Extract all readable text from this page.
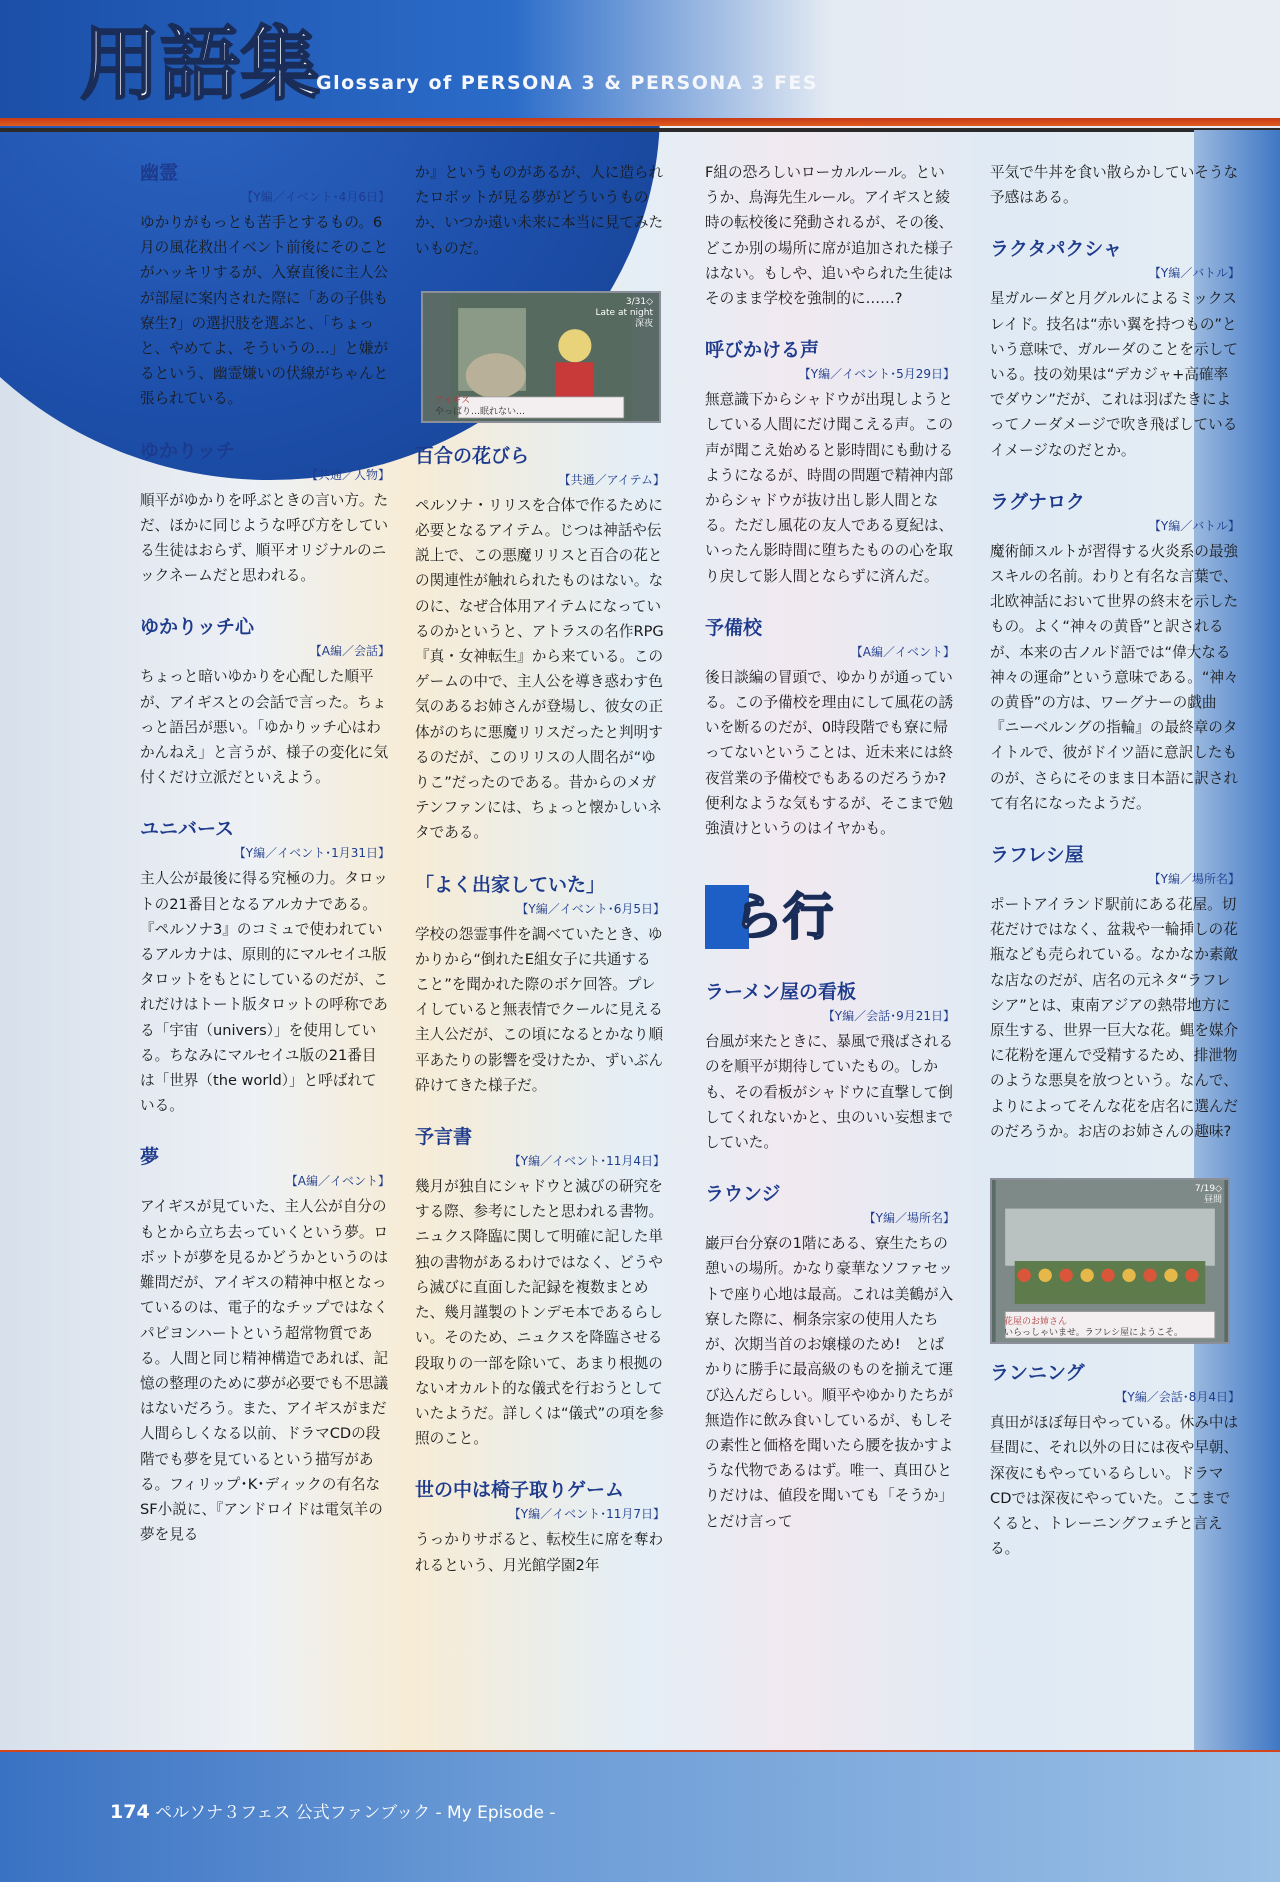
用語集
Glossary of PERSONA 3 & PERSONA 3 FES
幽霊
【Y編／イベント･4月6日】
ゆかりがもっとも苦手とするもの。6月の風花救出イベント前後にそのことがハッキリするが、入寮直後に主人公が部屋に案内された際に「あの子供も寮生?」の選択肢を選ぶと、「ちょっと、やめてよ、そういうの…」と嫌がるという、幽霊嫌いの伏線がちゃんと張られている。
ゆかりッチ
【共通／人物】
順平がゆかりを呼ぶときの言い方。ただ、ほかに同じような呼び方をしている生徒はおらず、順平オリジナルのニックネームだと思われる。
ゆかりッチ心
【A編／会話】
ちょっと暗いゆかりを心配した順平が、アイギスとの会話で言った。ちょっと語呂が悪い。「ゆかりッチ心はわかんねえ」と言うが、様子の変化に気付くだけ立派だといえよう。
ユニバース
【Y編／イベント･1月31日】
主人公が最後に得る究極の力。タロットの21番目となるアルカナである。『ペルソナ3』のコミュで使われているアルカナは、原則的にマルセイユ版タロットをもとにしているのだが、これだけはトート版タロットの呼称である「宇宙（univers）」を使用している。ちなみにマルセイユ版の21番目は「世界（the world）」と呼ばれている。
夢
【A編／イベント】
アイギスが見ていた、主人公が自分のもとから立ち去っていくという夢。ロボットが夢を見るかどうかというのは難問だが、アイギスの精神中枢となっているのは、電子的なチップではなくパピヨンハートという超常物質である。人間と同じ精神構造であれば、記憶の整理のために夢が必要でも不思議はないだろう。また、アイギスがまだ人間らしくなる以前、ドラマCDの段階でも夢を見ているという描写がある。フィリップ･K･ディックの有名なSF小説に、『アンドロイドは電気羊の夢を見る
か』というものがあるが、人に造られたロボットが見る夢がどういうものか、いつか遠い未来に本当に見てみたいものだ。
3/31◇
Late at night
深夜
アイギス
やっぱり…眠れない…
百合の花びら
【共通／アイテム】
ペルソナ・リリスを合体で作るために必要となるアイテム。じつは神話や伝説上で、この悪魔リリスと百合の花との関連性が触れられたものはない。なのに、なぜ合体用アイテムになっているのかというと、アトラスの名作RPG『真・女神転生』から来ている。このゲームの中で、主人公を導き惑わす色気のあるお姉さんが登場し、彼女の正体がのちに悪魔リリスだったと判明するのだが、このリリスの人間名が“ゆりこ”だったのである。昔からのメガテンファンには、ちょっと懐かしいネタである。
「よく出家していた」
【Y編／イベント･6月5日】
学校の怨霊事件を調べていたとき、ゆかりから“倒れたE組女子に共通すること”を聞かれた際のボケ回答。プレイしていると無表情でクールに見える主人公だが、この頃になるとかなり順平あたりの影響を受けたか、ずいぶん砕けてきた様子だ。
予言書
【Y編／イベント･11月4日】
幾月が独自にシャドウと滅びの研究をする際、参考にしたと思われる書物。ニュクス降臨に関して明確に記した単独の書物があるわけではなく、どうやら滅びに直面した記録を複数まとめた、幾月謹製のトンデモ本であるらしい。そのため、ニュクスを降臨させる段取りの一部を除いて、あまり根拠のないオカルト的な儀式を行おうとしていたようだ。詳しくは“儀式”の項を参照のこと。
世の中は椅子取りゲーム
【Y編／イベント･11月7日】
うっかりサボると、転校生に席を奪われるという、月光館学園2年
F組の恐ろしいローカルルール。というか、鳥海先生ルール。アイギスと綾時の転校後に発動されるが、その後、どこか別の場所に席が追加された様子はない。もしや、追いやられた生徒はそのまま学校を強制的に……?
呼びかける声
【Y編／イベント･5月29日】
無意識下からシャドウが出現しようとしている人間にだけ聞こえる声。この声が聞こえ始めると影時間にも動けるようになるが、時間の問題で精神内部からシャドウが抜け出し影人間となる。ただし風花の友人である夏紀は、いったん影時間に堕ちたものの心を取り戻して影人間とならずに済んだ。
予備校
【A編／イベント】
後日談編の冒頭で、ゆかりが通っている。この予備校を理由にして風花の誘いを断るのだが、0時段階でも寮に帰ってないということは、近未来には終夜営業の予備校でもあるのだろうか?　便利なような気もするが、そこまで勉強漬けというのはイヤかも。
ら行
ラーメン屋の看板
【Y編／会話･9月21日】
台風が来たときに、暴風で飛ばされるのを順平が期待していたもの。しかも、その看板がシャドウに直撃して倒してくれないかと、虫のいい妄想までしていた。
ラウンジ
【Y編／場所名】
巌戸台分寮の1階にある、寮生たちの憩いの場所。かなり豪華なソファセットで座り心地は最高。これは美鶴が入寮した際に、桐条宗家の使用人たちが、次期当首のお嬢様のため!　とばかりに勝手に最高級のものを揃えて運び込んだらしい。順平やゆかりたちが無造作に飲み食いしているが、もしその素性と価格を聞いたら腰を抜かすような代物であるはず。唯一、真田ひとりだけは、値段を聞いても「そうか」とだけ言って
平気で牛丼を食い散らかしていそうな予感はある。
ラクタパクシャ
【Y編／バトル】
星ガルーダと月グルルによるミックスレイド。技名は“赤い翼を持つもの”という意味で、ガルーダのことを示している。技の効果は“デカジャ+高確率でダウン”だが、これは羽ばたきによってノーダメージで吹き飛ばしているイメージなのだとか。
ラグナロク
【Y編／バトル】
魔術師スルトが習得する火炎系の最強スキルの名前。わりと有名な言葉で、北欧神話において世界の終末を示したもの。よく“神々の黄昏”と訳されるが、本来の古ノルド語では“偉大なる神々の運命”という意味である。“神々の黄昏”の方は、ワーグナーの戯曲『ニーベルングの指輪』の最終章のタイトルで、彼がドイツ語に意訳したものが、さらにそのまま日本語に訳されて有名になったようだ。
ラフレシ屋
【Y編／場所名】
ポートアイランド駅前にある花屋。切花だけではなく、盆栽や一輪挿しの花瓶なども売られている。なかなか素敵な店なのだが、店名の元ネタ“ラフレシア”とは、東南アジアの熱帯地方に原生する、世界一巨大な花。蝿を媒介に花粉を運んで受精するため、排泄物のような悪臭を放つという。なんで、よりによってそんな花を店名に選んだのだろうか。お店のお姉さんの趣味?
7/19◇
昼間
花屋のお姉さん
いらっしゃいませ。ラフレシ屋にようこそ。
ランニング
【Y編／会話･8月4日】
真田がほぼ毎日やっている。休み中は昼間に、それ以外の日には夜や早朝、深夜にもやっているらしい。ドラマCDでは深夜にやっていた。ここまでくると、トレーニングフェチと言える。
174 ペルソナ３フェス 公式ファンブック - My Episode -
